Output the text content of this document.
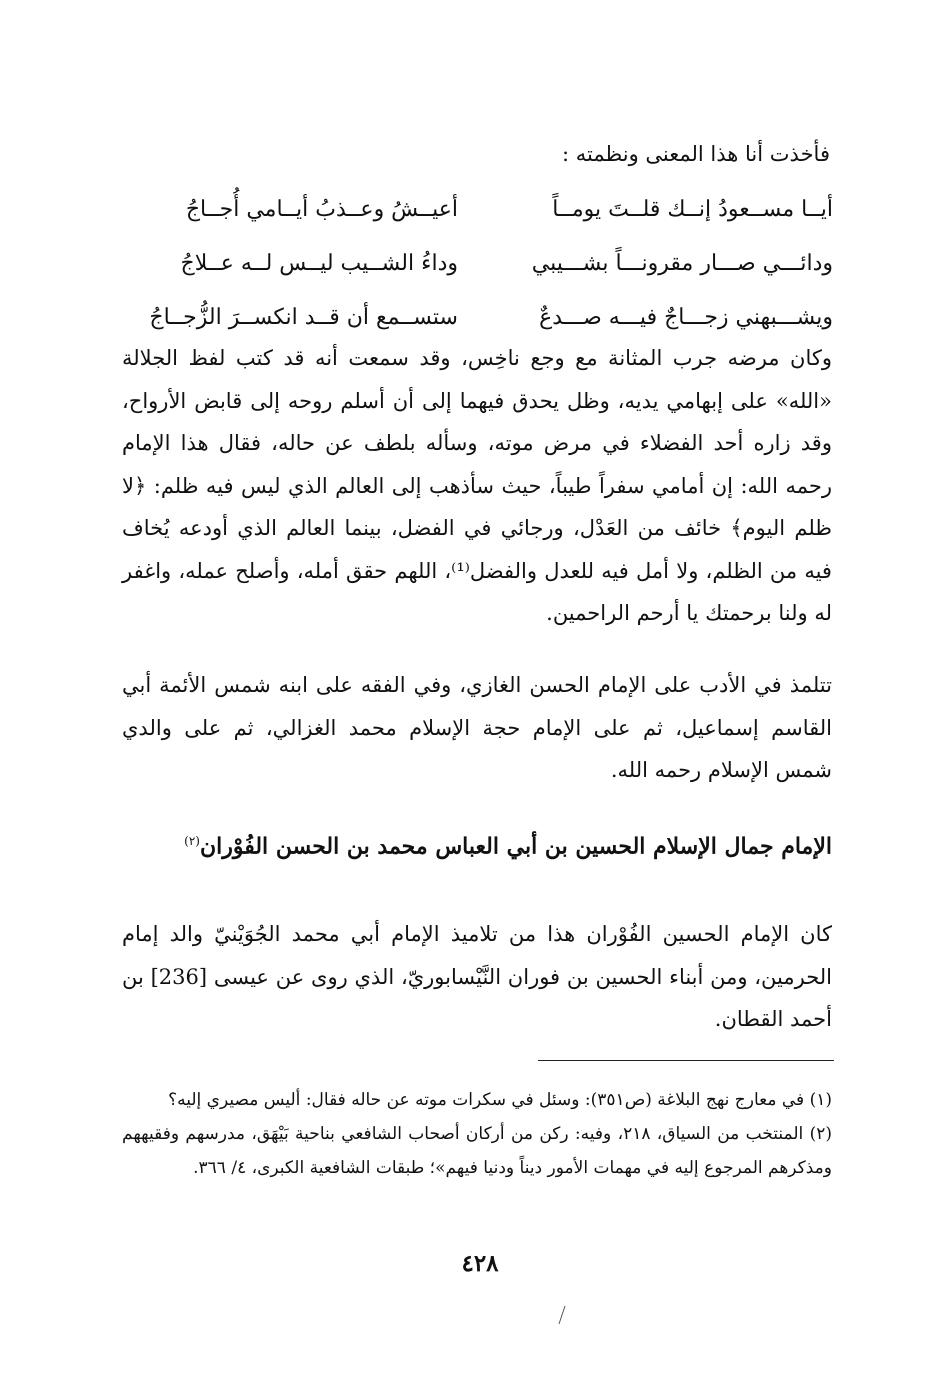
فأخذت أنا هذا المعنى ونظمته :
أيــا مســعودُ إنــك قلــتَ يومــاً
أعيــشُ وعــذبُ أيــامي أُجــاجُ
ودائـــي صـــار مقرونـــاً بشـــيبي
وداءُ الشــيب ليــس لــه عــلاجُ
ويشـــبهني زجـــاجٌ فيـــه صـــدعٌ
ستســمع أن قــد انكســرَ الزُّجــاجُ

وكان مرضه جرب المثانة مع وجع ناخِس، وقد سمعت أنه قد كتب لفظ الجلالة «الله» على إبهامي يديه، وظل يحدق فيهما إلى أن أسلم روحه إلى قابض الأرواح، وقد زاره أحد الفضلاء في مرض موته، وسأله بلطف عن حاله، فقال هذا الإمام رحمه الله: إن أمامي سفراً طيباً، حيث سأذهب إلى العالم الذي ليس فيه ظلم: ﴿لا ظلم اليوم﴾ خائف من العَدْل، ورجائي في الفضل، بينما العالم الذي أودعه يُخاف فيه من الظلم، ولا أمل فيه للعدل والفضل⁽¹⁾، اللهم حقق أمله، وأصلح عمله، واغفر له ولنا برحمتك يا أرحم الراحمين.

تتلمذ في الأدب على الإمام الحسن الغازي، وفي الفقه على ابنه شمس الأئمة أبي القاسم إسماعيل، ثم على الإمام حجة الإسلام محمد الغزالي، ثم على والدي شمس الإسلام رحمه الله.

الإمام جمال الإسلام الحسين بن أبي العباس محمد بن الحسن الفُوْران$^{(٢)}$

كان الإمام الحسين الفُوْران هذا من تلاميذ الإمام أبي محمد الجُوَيْنيّ والد إمام الحرمين، ومن أبناء الحسين بن فوران النَّيْسابوريّ، الذي روى عن عيسى [236] بن أحمد القطان.

(١) في معارج نهج البلاغة (ص٣٥١): وسئل في سكرات موته عن حاله فقال: أليس مصيري إليه؟

(٢) المنتخب من السياق، ٢١٨، وفيه: ركن من أركان أصحاب الشافعي بناحية بَيْهَق، مدرسهم وفقيههم ومذكرهم المرجوع إليه في مهمات الأمور ديناً ودنيا فيهم»؛ طبقات الشافعية الكبرى، ٤/ ٣٦٦.

٤٢٨
